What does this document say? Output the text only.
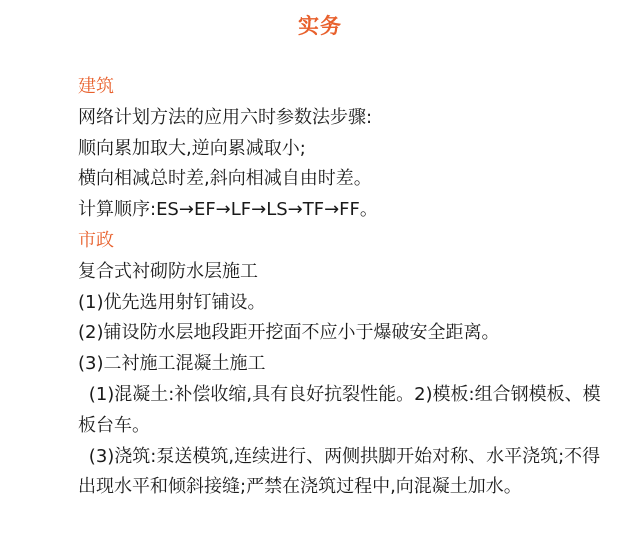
实务
建筑
网络计划方法的应用六时参数法步骤:
顺向累加取大,逆向累减取小;
横向相减总时差,斜向相减自由时差。
计算顺序:ES→EF→LF→LS→TF→FF。
市政
复合式衬砌防水层施工
(1)优先选用射钉铺设。
(2)铺设防水层地段距开挖面不应小于爆破安全距离。
(3)二衬施工混凝土施工
(1)混凝土:补偿收缩,具有良好抗裂性能。2)模板:组合钢模板、模板台车。
(3)浇筑:泵送模筑,连续进行、两侧拱脚开始对称、水平浇筑;不得出现水平和倾斜接缝;严禁在浇筑过程中,向混凝土加水。
